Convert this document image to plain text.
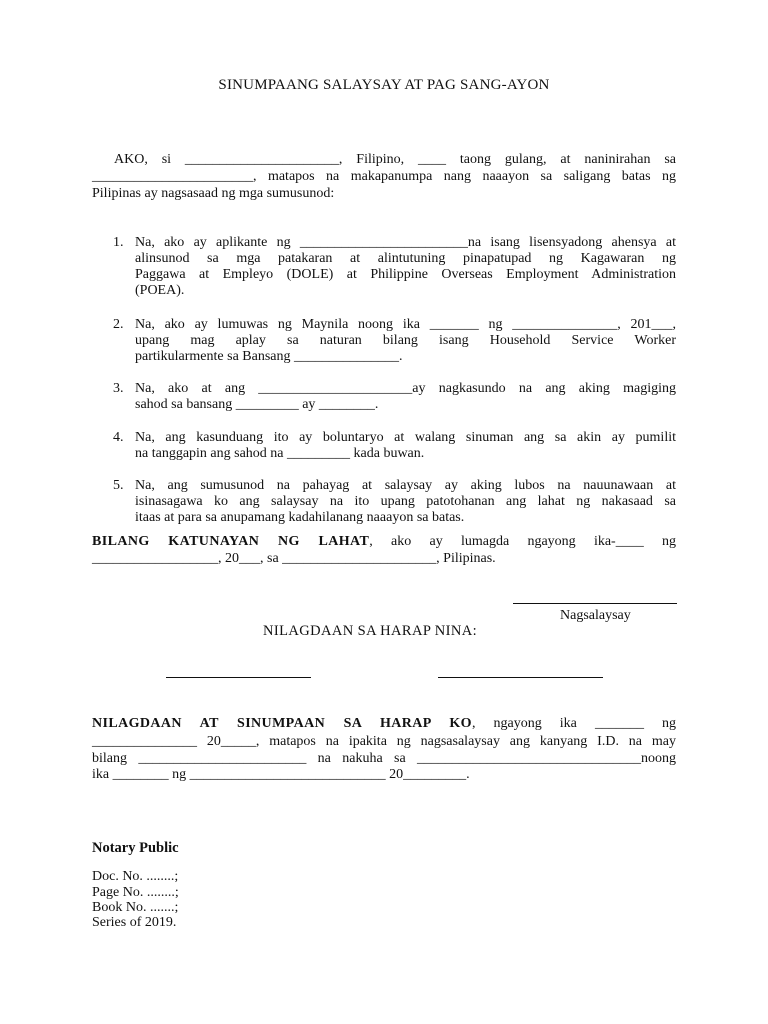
SINUMPAANG SALAYSAY AT PAG SANG-AYON
AKO, si ______________________, Filipino, ____ taong gulang, at naninirahan sa
_______________________, matapos na makapanumpa nang naaayon sa saligang batas ng
Pilipinas ay nagsasaad ng mga sumusunod:
1. Na, ako ay aplikante ng ________________________na isang lisensyadong ahensya at
alinsunod sa mga patakaran at alintutuning pinapatupad ng Kagawaran ng
Paggawa at Empleyo (DOLE) at Philippine Overseas Employment Administration
(POEA).
2. Na, ako ay lumuwas ng Maynila noong ika _______ ng _______________, 201___,
upang mag aplay sa naturan bilang isang Household Service Worker
partikularmente sa Bansang _______________.
3. Na, ako at ang ______________________ay nagkasundo na ang aking magiging
sahod sa bansang _________ ay ________.
4. Na, ang kasunduang ito ay boluntaryo at walang sinuman ang sa akin ay pumilit
na tanggapin ang sahod na _________ kada buwan.
5. Na, ang sumusunod na pahayag at salaysay ay aking lubos na nauunawaan at
isinasagawa ko ang salaysay na ito upang patotohanan ang lahat ng nakasaad sa
itaas at para sa anupamang kadahilanang naaayon sa batas.
BILANG KATUNAYAN NG LAHAT, ako ay lumagda ngayong ika-____ ng
__________________, 20___, sa ______________________, Pilipinas.
Nagsalaysay
NILAGDAAN SA HARAP NINA:
NILAGDAAN AT SINUMPAAN SA HARAP KO, ngayong ika _______ ng
_______________ 20_____, matapos na ipakita ng nagsasalaysay ang kanyang I.D. na may
bilang ________________________ na nakuha sa ________________________________noong
ika ________ ng ____________________________ 20_________.
Notary Public
Doc. No. ........;
Page No. ........;
Book No. .......;
Series of 2019.
